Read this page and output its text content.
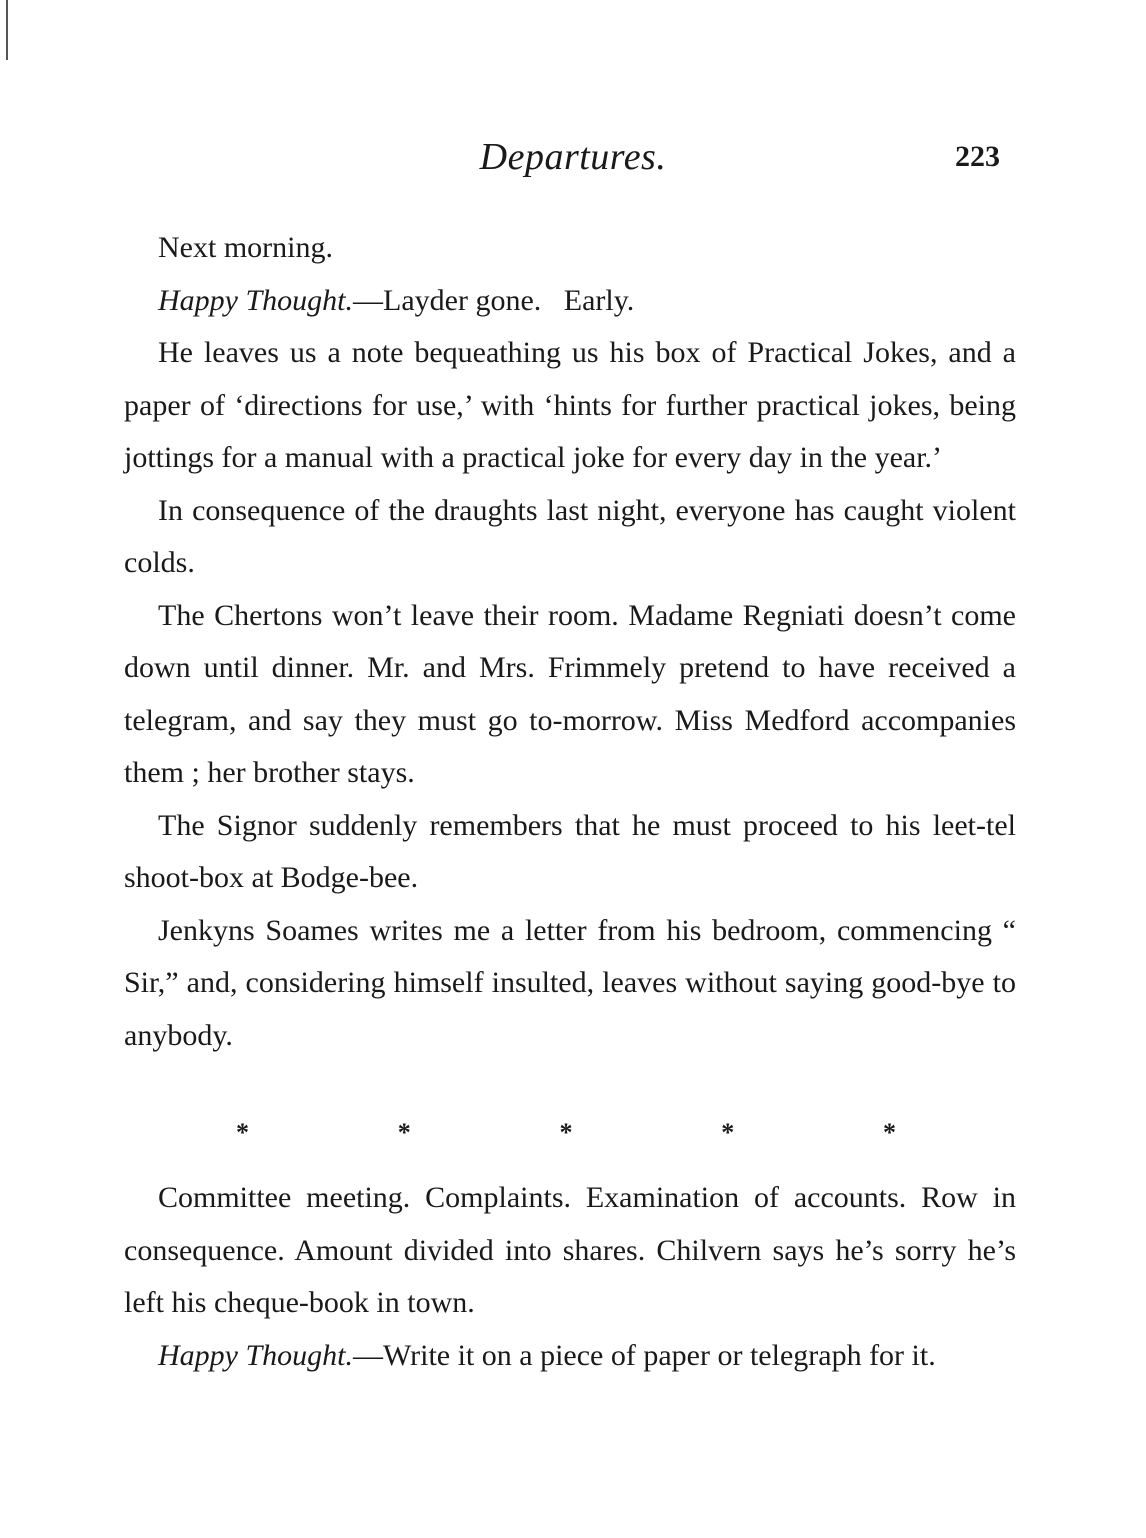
Departures.	223

Next morning.

Happy Thought.—Layder gone.   Early.

He leaves us a note bequeathing us his box of Practical Jokes, and a paper of ‘directions for use,’ with ‘hints for further practical jokes, being jottings for a manual with a practical joke for every day in the year.’

In consequence of the draughts last night, everyone has caught violent colds.

The Chertons won’t leave their room. Madame Regniati doesn’t come down until dinner. Mr. and Mrs. Frimmely pretend to have received a telegram, and say they must go to-morrow. Miss Medford accompanies them ; her brother stays.

The Signor suddenly remembers that he must proceed to his leet-tel shoot-box at Bodge-bee.

Jenkyns Soames writes me a letter from his bedroom, commencing “ Sir,” and, considering himself insulted, leaves without saying good-bye to anybody.

*	*	*	*	*

Committee meeting. Complaints. Examination of accounts. Row in consequence. Amount divided into shares. Chilvern says he’s sorry he’s left his cheque-book in town.

Happy Thought.—Write it on a piece of paper or telegraph for it.
